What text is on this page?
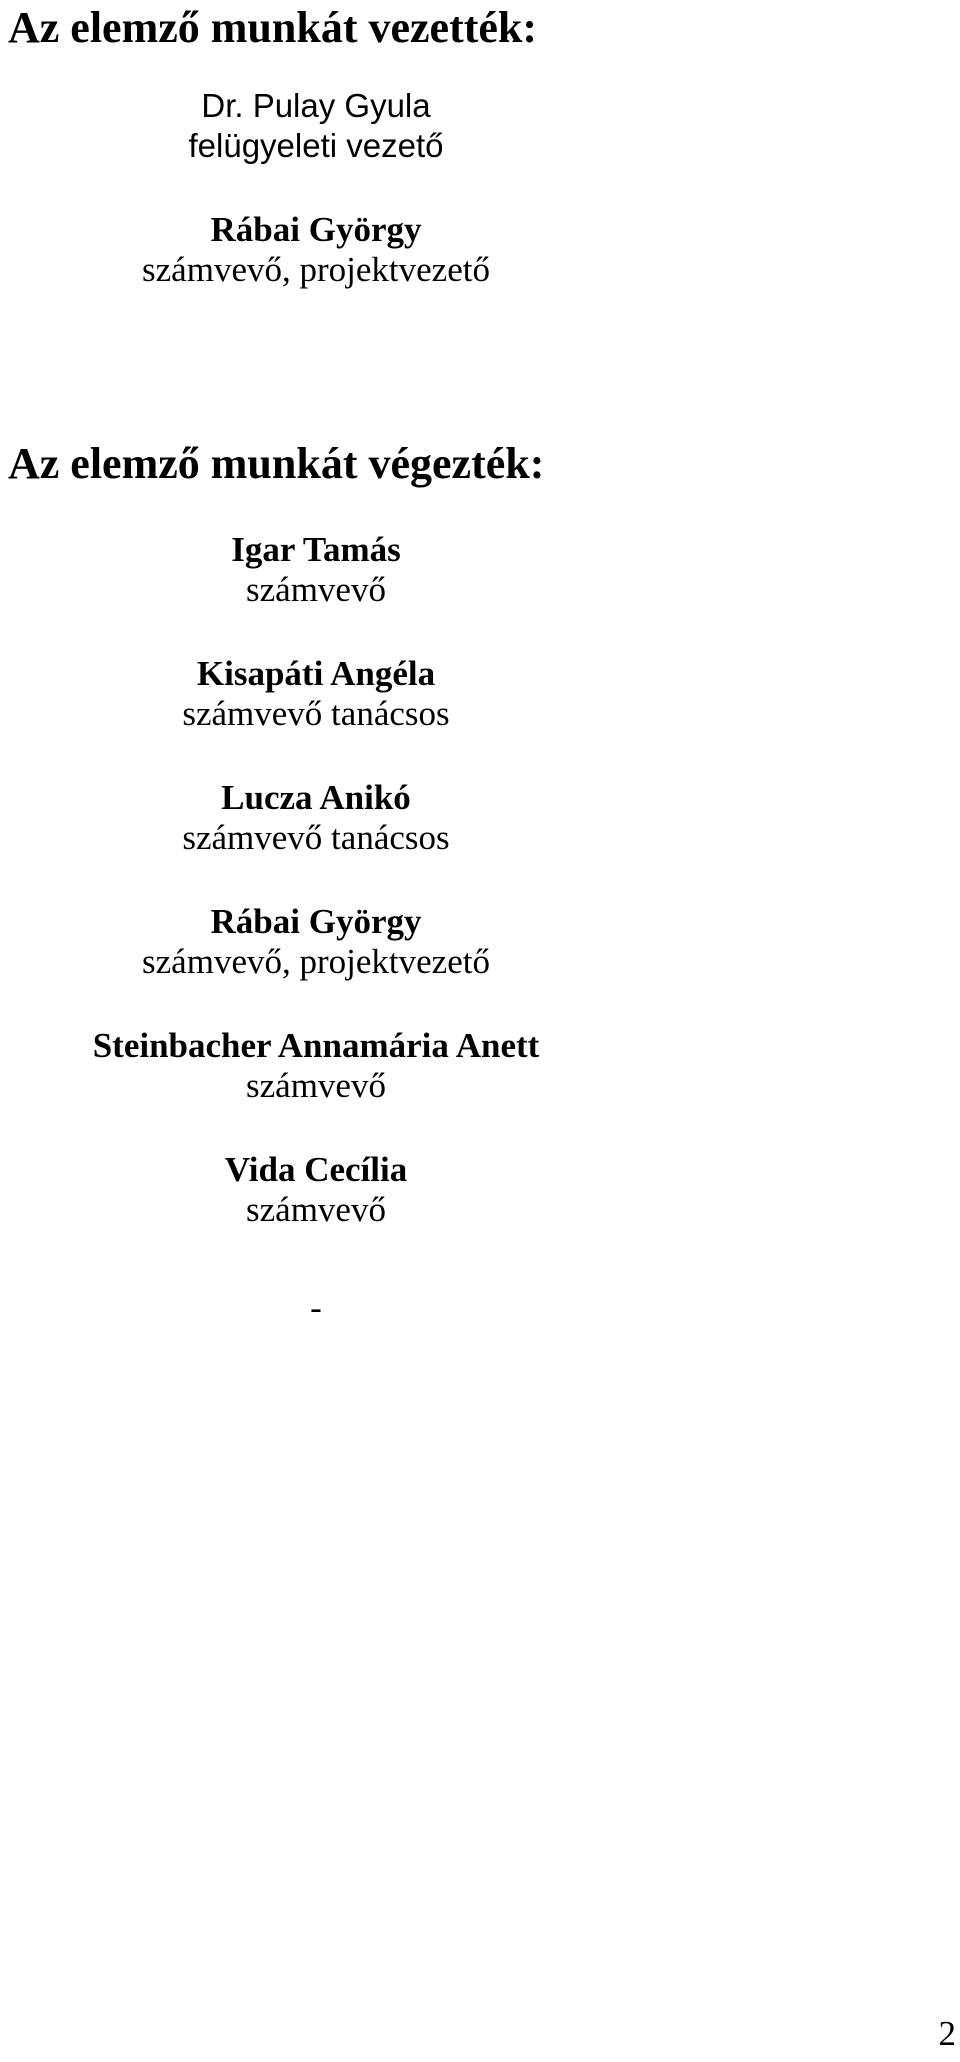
Az elemző munkát vezették:
Dr. Pulay Gyula
felügyeleti vezető
Rábai György
számvevő, projektvezető
Az elemző munkát végezték:
Igar Tamás
számvevő
Kisapáti Angéla
számvevő tanácsos
Lucza Anikó
számvevő tanácsos
Rábai György
számvevő, projektvezető
Steinbacher Annamária Anett
számvevő
Vida Cecília
számvevő
-
2
